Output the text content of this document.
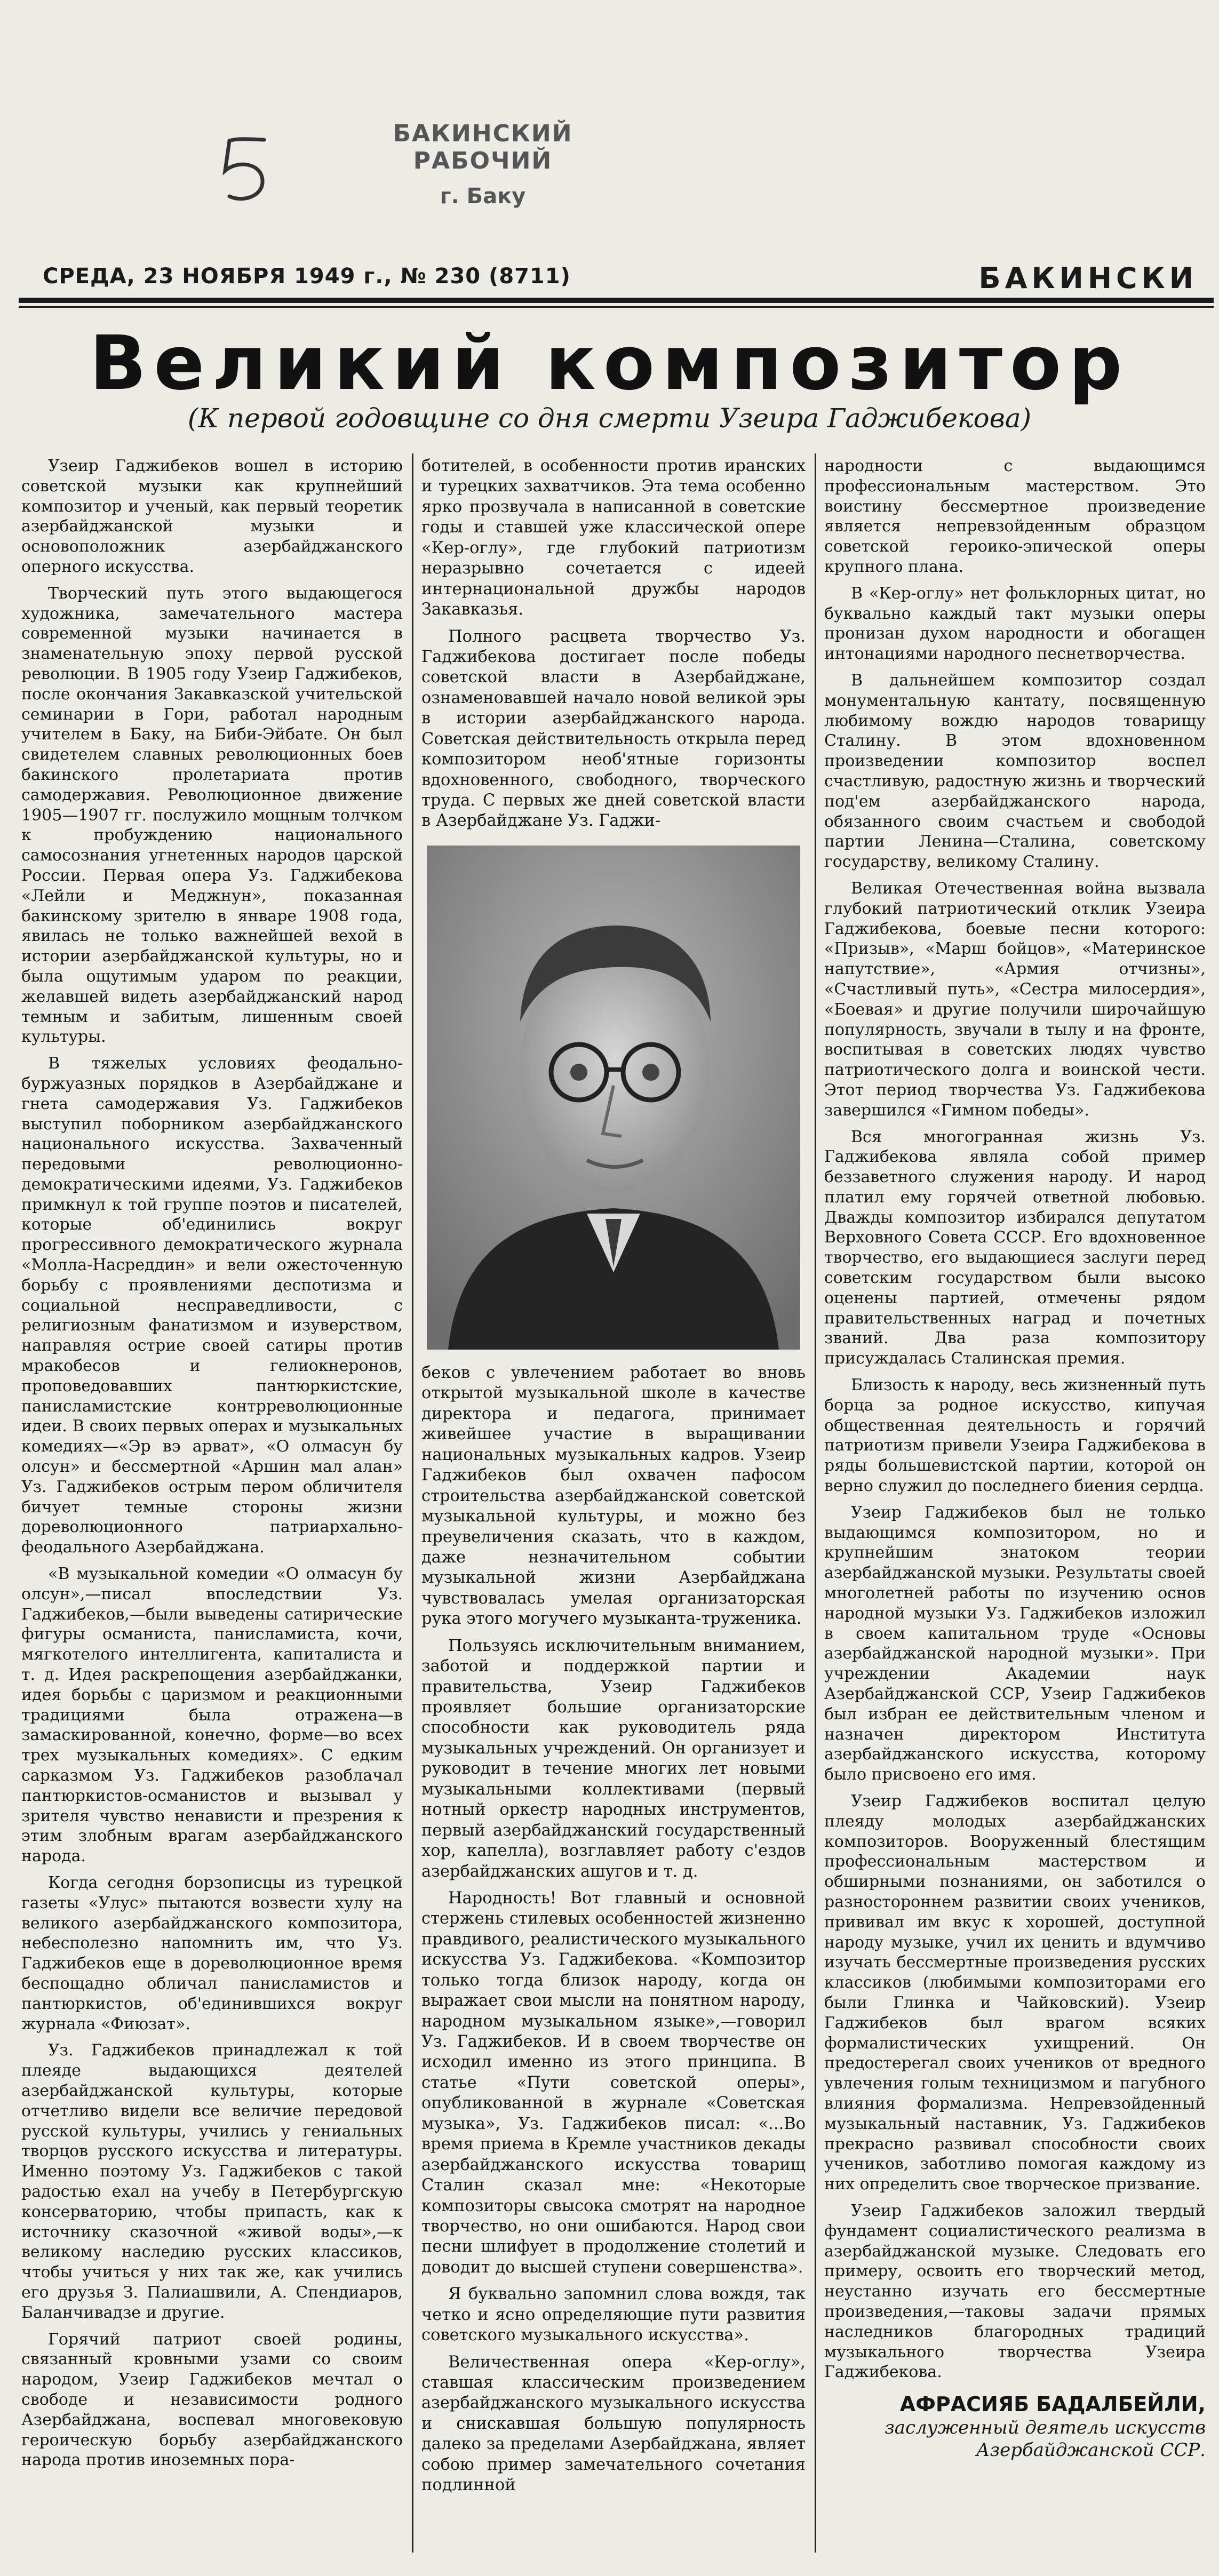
БАКИНСКИЙ РАБОЧИЙ
г. Баку
СРЕДА, 23 НОЯБРЯ 1949 г., № 230 (8711)	БАКИНСКИ
Великий композитор
(К первой годовщине со дня смерти Узеира Гаджибекова)

Узеир Гаджибеков вошел в историю советской музыки как крупнейший композитор и ученый, как первый теоретик азербайджанской музыки и основоположник азербайджанского оперного искусства.

Творческий путь этого выдающегося художника, замечательного мастера современной музыки начинается в знаменательную эпоху первой русской революции. В 1905 году Узеир Гаджибеков, после окончания Закавказской учительской семинарии в Гори, работал народным учителем в Баку, на Биби-Эйбате. Он был свидетелем славных революционных боев бакинского пролетариата против самодержавия. Революционное движение 1905—1907 гг. послужило мощным толчком к пробуждению национального самосознания угнетенных народов царской России. Первая опера Уз. Гаджибекова «Лейли и Меджнун», показанная бакинскому зрителю в январе 1908 года, явилась не только важнейшей вехой в истории азербайджанской культуры, но и была ощутимым ударом по реакции, желавшей видеть азербайджанский народ темным и забитым, лишенным своей культуры.

В тяжелых условиях феодально-буржуазных порядков в Азербайджане и гнета самодержавия Уз. Гаджибеков выступил поборником азербайджанского национального искусства. Захваченный передовыми революционно-демократическими идеями, Уз. Гаджибеков примкнул к той группе поэтов и писателей, которые об'единились вокруг прогрессивного демократического журнала «Молла-Насреддин» и вели ожесточенную борьбу с проявлениями деспотизма и социальной несправедливости, с религиозным фанатизмом и изуверством, направляя острие своей сатиры против мракобесов и гелиокнеронов, проповедовавших пантюркистские, панисламистские контрреволюционные идеи. В своих первых операх и музыкальных комедиях—«Эр вэ арват», «О олмасун бу олсун» и бессмертной «Аршин мал алан» Уз. Гаджибеков острым пером обличителя бичует темные стороны жизни дореволюционного патриархально-феодального Азербайджана.

«В музыкальной комедии «О олмасун бу олсун»,—писал впоследствии Уз. Гаджибеков,—были выведены сатирические фигуры османиста, панисламиста, кочи, мягкотелого интеллигента, капиталиста и т. д. Идея раскрепощения азербайджанки, идея борьбы с царизмом и реакционными традициями была отражена—в замаскированной, конечно, форме—во всех трех музыкальных комедиях». С едким сарказмом Уз. Гаджибеков разоблачал пантюркистов-османистов и вызывал у зрителя чувство ненависти и презрения к этим злобным врагам азербайджанского народа.

Когда сегодня борзописцы из турецкой газеты «Улус» пытаются возвести хулу на великого азербайджанского композитора, небесполезно напомнить им, что Уз. Гаджибеков еще в дореволюционное время беспощадно обличал панисламистов и пантюркистов, об'единившихся вокруг журнала «Фиюзат».

Уз. Гаджибеков принадлежал к той плеяде выдающихся деятелей азербайджанской культуры, которые отчетливо видели все величие передовой русской культуры, учились у гениальных творцов русского искусства и литературы. Именно поэтому Уз. Гаджибеков с такой радостью ехал на учебу в Петербургскую консерваторию, чтобы припасть, как к источнику сказочной «живой воды»,—к великому наследию русских классиков, чтобы учиться у них так же, как учились его друзья З. Палиашвили, А. Спендиаров, Баланчивадзе и другие.

Горячий патриот своей родины, связанный кровными узами со своим народом, Узеир Гаджибеков мечтал о свободе и независимости родного Азербайджана, воспевал многовековую героическую борьбу азербайджанского народа против иноземных пора-

ботителей, в особенности против иранских и турецких захватчиков. Эта тема особенно ярко прозвучала в написанной в советские годы и ставшей уже классической опере «Кер-оглу», где глубокий патриотизм неразрывно сочетается с идеей интернациональной дружбы народов Закавказья.

Полного расцвета творчество Уз. Гаджибекова достигает после победы советской власти в Азербайджане, ознаменовавшей начало новой великой эры в истории азербайджанского народа. Советская действительность открыла перед композитором необ'ятные горизонты вдохновенного, свободного, творческого труда. С первых же дней советской власти в Азербайджане Уз. Гаджи-

беков с увлечением работает во вновь открытой музыкальной школе в качестве директора и педагога, принимает живейшее участие в выращивании национальных музыкальных кадров. Узеир Гаджибеков был охвачен пафосом строительства азербайджанской советской музыкальной культуры, и можно без преувеличения сказать, что в каждом, даже незначительном событии музыкальной жизни Азербайджана чувствовалась умелая организаторская рука этого могучего музыканта-труженика.

Пользуясь исключительным вниманием, заботой и поддержкой партии и правительства, Узеир Гаджибеков проявляет большие организаторские способности как руководитель ряда музыкальных учреждений. Он организует и руководит в течение многих лет новыми музыкальными коллективами (первый нотный оркестр народных инструментов, первый азербайджанский государственный хор, капелла), возглавляет работу с'ездов азербайджанских ашугов и т. д.

Народность! Вот главный и основной стержень стилевых особенностей жизненно правдивого, реалистического музыкального искусства Уз. Гаджибекова. «Композитор только тогда близок народу, когда он выражает свои мысли на понятном народу, народном музыкальном языке»,—говорил Уз. Гаджибеков. И в своем творчестве он исходил именно из этого принципа. В статье «Пути советской оперы», опубликованной в журнале «Советская музыка», Уз. Гаджибеков писал: «...Во время приема в Кремле участников декады азербайджанского искусства товарищ Сталин сказал мне: «Некоторые композиторы свысока смотрят на народное творчество, но они ошибаются. Народ свои песни шлифует в продолжение столетий и доводит до высшей ступени совершенства».

Я буквально запомнил слова вождя, так четко и ясно определяющие пути развития советского музыкального искусства».

Величественная опера «Кер-оглу», ставшая классическим произведением азербайджанского музыкального искусства и снискавшая большую популярность далеко за пределами Азербайджана, являет собою пример замечательного сочетания подлинной

народности с выдающимся профессиональным мастерством. Это воистину бессмертное произведение является непревзойденным образцом советской героико-эпической оперы крупного плана.

В «Кер-оглу» нет фольклорных цитат, но буквально каждый такт музыки оперы пронизан духом народности и обогащен интонациями народного песнетворчества.

В дальнейшем композитор создал монументальную кантату, посвященную любимому вождю народов товарищу Сталину. В этом вдохновенном произведении композитор воспел счастливую, радостную жизнь и творческий под'ем азербайджанского народа, обязанного своим счастьем и свободой партии Ленина—Сталина, советскому государству, великому Сталину.

Великая Отечественная война вызвала глубокий патриотический отклик Узеира Гаджибекова, боевые песни которого: «Призыв», «Марш бойцов», «Материнское напутствие», «Армия отчизны», «Счастливый путь», «Сестра милосердия», «Боевая» и другие получили широчайшую популярность, звучали в тылу и на фронте, воспитывая в советских людях чувство патриотического долга и воинской чести. Этот период творчества Уз. Гаджибекова завершился «Гимном победы».

Вся многогранная жизнь Уз. Гаджибекова являла собой пример беззаветного служения народу. И народ платил ему горячей ответной любовью. Дважды композитор избирался депутатом Верховного Совета СССР. Его вдохновенное творчество, его выдающиеся заслуги перед советским государством были высоко оценены партией, отмечены рядом правительственных наград и почетных званий. Два раза композитору присуждалась Сталинская премия.

Близость к народу, весь жизненный путь борца за родное искусство, кипучая общественная деятельность и горячий патриотизм привели Узеира Гаджибекова в ряды большевистской партии, которой он верно служил до последнего биения сердца.

Узеир Гаджибеков был не только выдающимся композитором, но и крупнейшим знатоком теории азербайджанской музыки. Результаты своей многолетней работы по изучению основ народной музыки Уз. Гаджибеков изложил в своем капитальном труде «Основы азербайджанской народной музыки». При учреждении Академии наук Азербайджанской ССР, Узеир Гаджибеков был избран ее действительным членом и назначен директором Института азербайджанского искусства, которому было присвоено его имя.

Узеир Гаджибеков воспитал целую плеяду молодых азербайджанских композиторов. Вооруженный блестящим профессиональным мастерством и обширными познаниями, он заботился о разностороннем развитии своих учеников, прививал им вкус к хорошей, доступной народу музыке, учил их ценить и вдумчиво изучать бессмертные произведения русских классиков (любимыми композиторами его были Глинка и Чайковский). Узеир Гаджибеков был врагом всяких формалистических ухищрений. Он предостерегал своих учеников от вредного увлечения голым техницизмом и пагубного влияния формализма. Непревзойденный музыкальный наставник, Уз. Гаджибеков прекрасно развивал способности своих учеников, заботливо помогая каждому из них определить свое творческое призвание.

Узеир Гаджибеков заложил твердый фундамент социалистического реализма в азербайджанской музыке. Следовать его примеру, освоить его творческий метод, неустанно изучать его бессмертные произведения,—таковы задачи прямых наследников благородных традиций музыкального творчества Узеира Гаджибекова.

АФРАСИЯБ БАДАЛБЕЙЛИ,
заслуженный деятель искусств
Азербайджанской ССР.
